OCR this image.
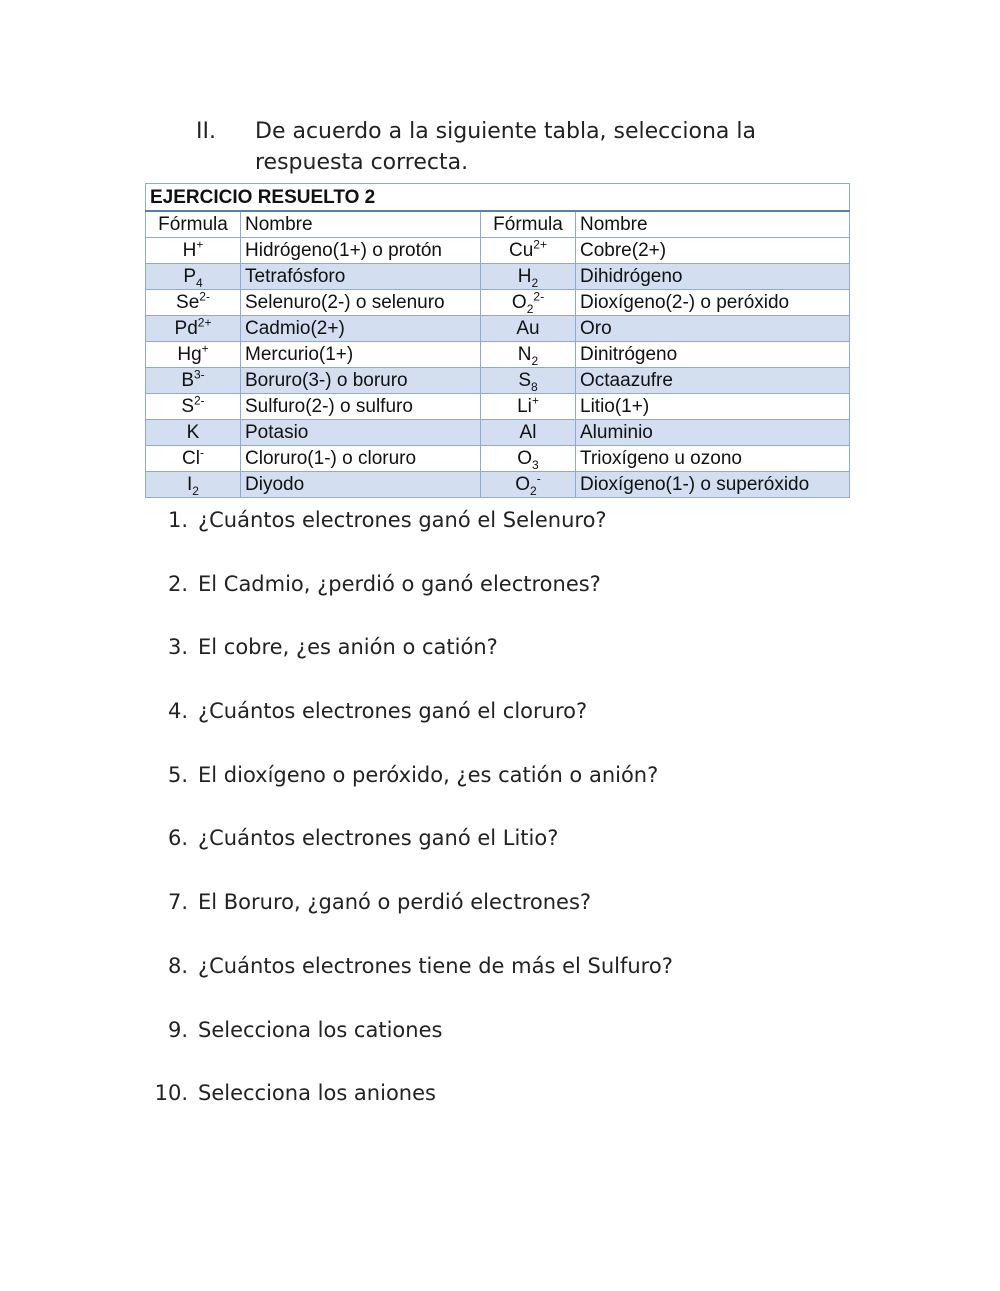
II. De acuerdo a la siguiente tabla, selecciona la respuesta correcta.
EJERCICIO RESUELTO 2			
Fórmula	Nombre	Fórmula	Nombre
H+	Hidrógeno(1+) o protón	$Cu^{2+}$	Cobre(2+)
$P_4$	Tetrafósforo	$H_2$	Dihidrógeno
$Se^{2-}$	Selenuro(2-) o selenuro	$O_2^{2-}$	Dioxígeno(2-) o peróxido
$Pd^{2+}$	Cadmio(2+)	Au	Oro
Hg+	Mercurio(1+)	$N_2$	Dinitrógeno
$B^{3-}$	Boruro(3-) o boruro	$S_8$	Octaazufre
$S^{2-}$	Sulfuro(2-) o sulfuro	Li+	Litio(1+)
K	Potasio	Al	Aluminio
Cl-	Cloruro(1-) o cloruro	$O_3$	Trioxígeno u ozono
$I_2$	Diyodo	$O_2^-$	Dioxígeno(1-) o superóxido
1. ¿Cuántos electrones ganó el Selenuro?
2. El Cadmio, ¿perdió o ganó electrones?
3. El cobre, ¿es anión o catión?
4. ¿Cuántos electrones ganó el cloruro?
5. El dioxígeno o peróxido, ¿es catión o anión?
6. ¿Cuántos electrones ganó el Litio?
7. El Boruro, ¿ganó o perdió electrones?
8. ¿Cuántos electrones tiene de más el Sulfuro?
9. Selecciona los cationes
10. Selecciona los aniones
